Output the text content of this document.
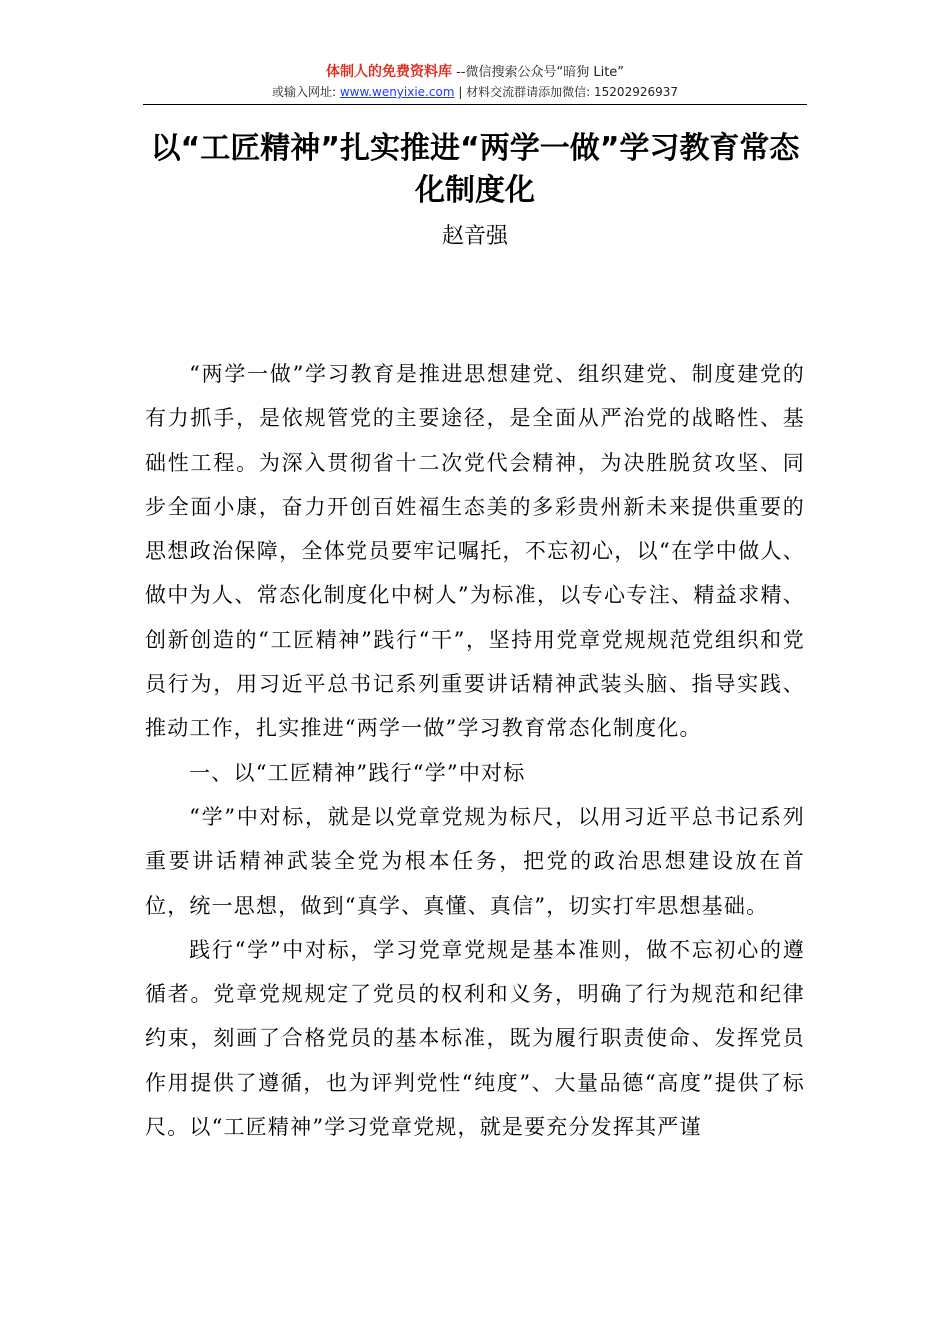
体制人的免费资料库 --微信搜索公众号“暗狗 Lite”
或输入网址: www.wenyixie.com | 材料交流群请添加微信: 15202926937
以“工匠精神”扎实推进“两学一做”学习教育常态
化制度化
赵音强

“两学一做”学习教育是推进思想建党、组织建党、制度建党的有力抓手，是依规管党的主要途径，是全面从严治党的战略性、基础性工程。为深入贯彻省十二次党代会精神，为决胜脱贫攻坚、同步全面小康，奋力开创百姓福生态美的多彩贵州新未来提供重要的思想政治保障，全体党员要牢记嘱托，不忘初心，以“在学中做人、做中为人、常态化制度化中树人”为标准，以专心专注、精益求精、创新创造的“工匠精神”践行“干”，坚持用党章党规规范党组织和党员行为，用习近平总书记系列重要讲话精神武装头脑、指导实践、推动工作，扎实推进“两学一做”学习教育常态化制度化。

一、以“工匠精神”践行“学”中对标

“学”中对标，就是以党章党规为标尺，以用习近平总书记系列重要讲话精神武装全党为根本任务，把党的政治思想建设放在首位，统一思想，做到“真学、真懂、真信”，切实打牢思想基础。

践行“学”中对标，学习党章党规是基本准则，做不忘初心的遵循者。党章党规规定了党员的权利和义务，明确了行为规范和纪律约束，刻画了合格党员的基本标准，既为履行职责使命、发挥党员作用提供了遵循，也为评判党性“纯度”、大量品德“高度”提供了标尺。以“工匠精神”学习党章党规，就是要充分发挥其严谨
